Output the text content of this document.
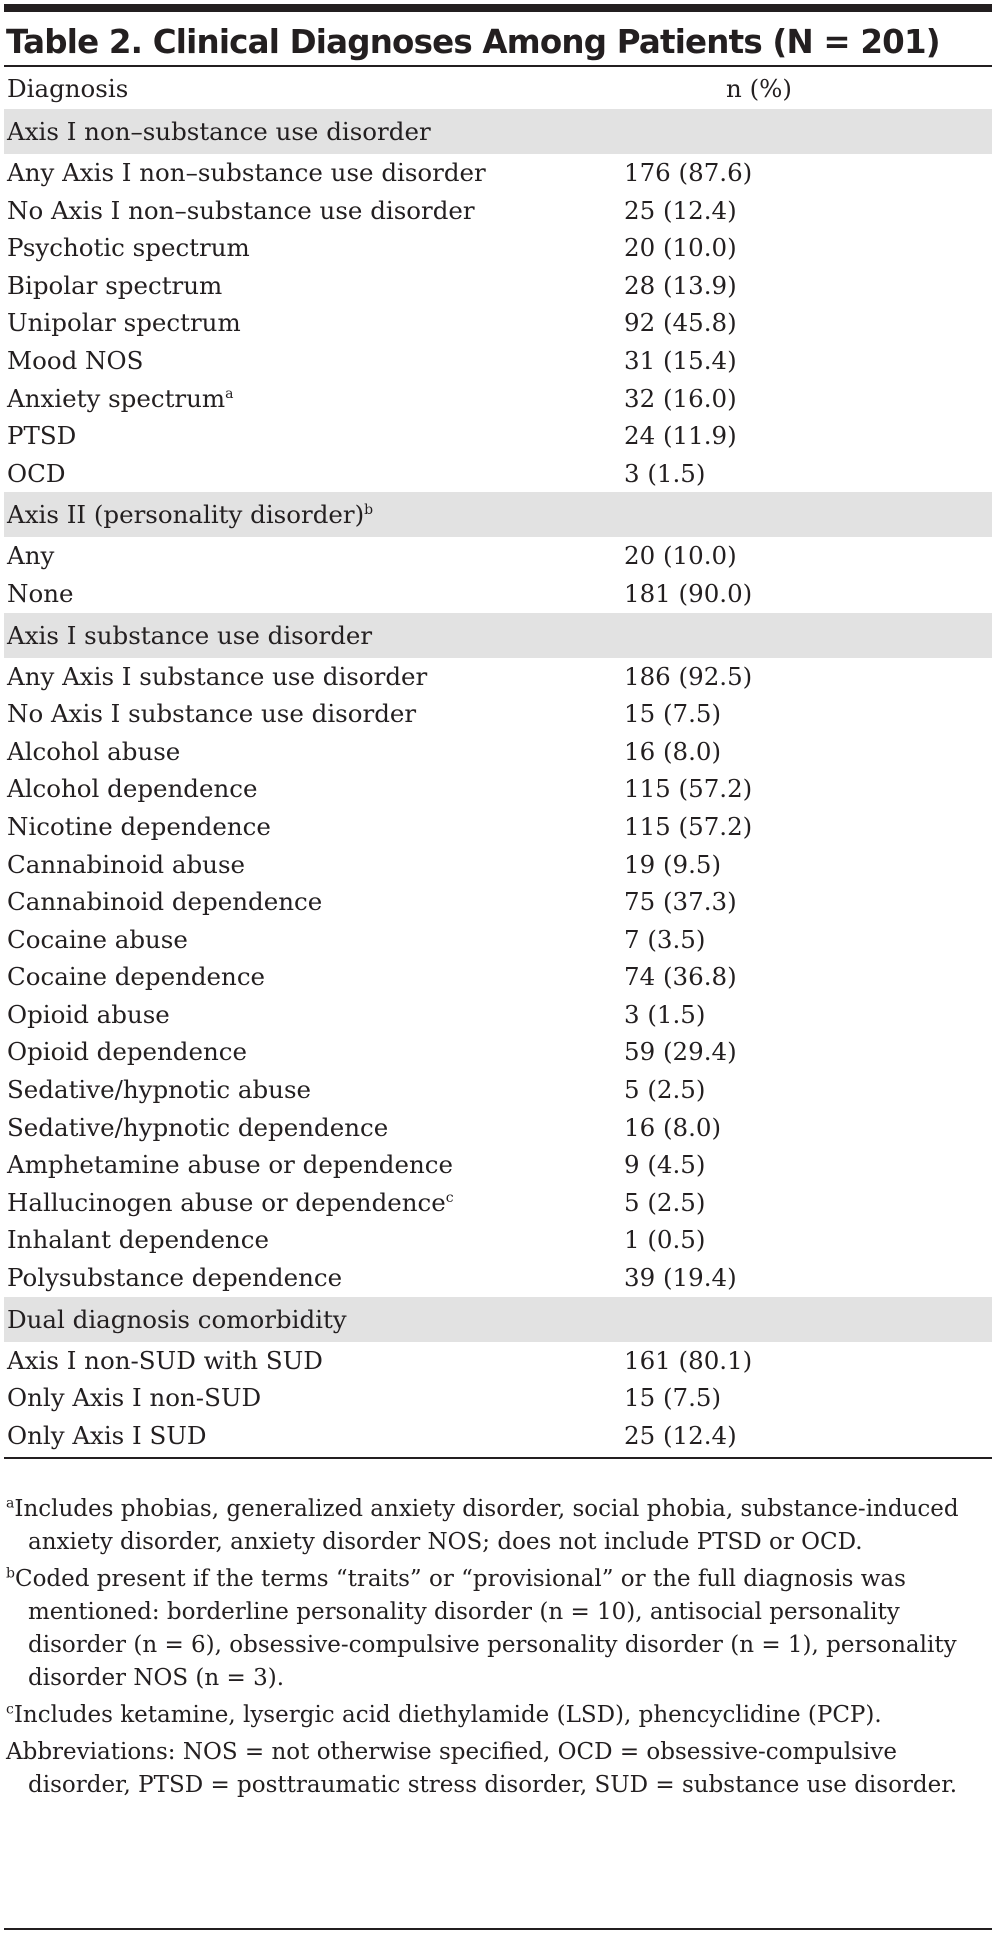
Table 2. Clinical Diagnoses Among Patients (N = 201)
Diagnosis	n (%)
Axis I non–substance use disorder
Any Axis I non–substance use disorder	176 (87.6)
No Axis I non–substance use disorder	25 (12.4)
Psychotic spectrum	20 (10.0)
Bipolar spectrum	28 (13.9)
Unipolar spectrum	92 (45.8)
Mood NOS	31 (15.4)
Anxiety spectrum$^a$	32 (16.0)
PTSD	24 (11.9)
OCD	3 (1.5)
Axis II (personality disorder)$^b$
Any	20 (10.0)
None	181 (90.0)
Axis I substance use disorder
Any Axis I substance use disorder	186 (92.5)
No Axis I substance use disorder	15 (7.5)
Alcohol abuse	16 (8.0)
Alcohol dependence	115 (57.2)
Nicotine dependence	115 (57.2)
Cannabinoid abuse	19 (9.5)
Cannabinoid dependence	75 (37.3)
Cocaine abuse	7 (3.5)
Cocaine dependence	74 (36.8)
Opioid abuse	3 (1.5)
Opioid dependence	59 (29.4)
Sedative/hypnotic abuse	5 (2.5)
Sedative/hypnotic dependence	16 (8.0)
Amphetamine abuse or dependence	9 (4.5)
Hallucinogen abuse or dependence$^c$	5 (2.5)
Inhalant dependence	1 (0.5)
Polysubstance dependence	39 (19.4)
Dual diagnosis comorbidity
Axis I non-SUD with SUD	161 (80.1)
Only Axis I non-SUD	15 (7.5)
Only Axis I SUD	25 (12.4)
$^a$Includes phobias, generalized anxiety disorder, social phobia, substance-induced anxiety disorder, anxiety disorder NOS; does not include PTSD or OCD.
$^b$Coded present if the terms “traits” or “provisional” or the full diagnosis was mentioned: borderline personality disorder (n = 10), antisocial personality disorder (n = 6), obsessive-compulsive personality disorder (n = 1), personality disorder NOS (n = 3).
$^c$Includes ketamine, lysergic acid diethylamide (LSD), phencyclidine (PCP).
Abbreviations: NOS = not otherwise specified, OCD = obsessive-compulsive disorder, PTSD = posttraumatic stress disorder, SUD = substance use disorder.
